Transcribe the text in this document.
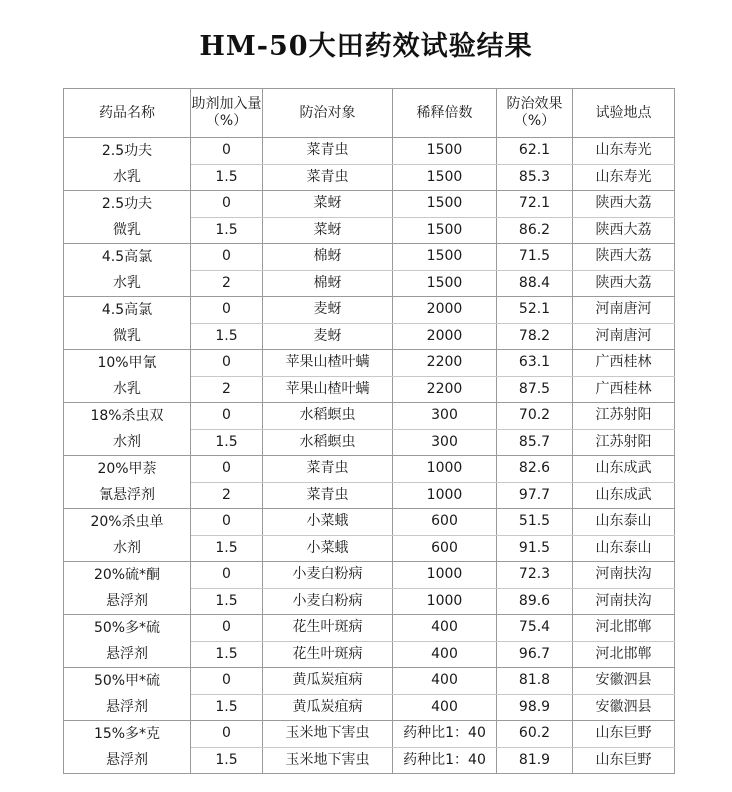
HM-50大田药效试验结果
药品名称	助剂加入量（%）	防治对象	稀释倍数	防治效果（%）	试验地点
2.5功夫	0	菜青虫	1500	62.1	山东寿光
水乳	1.5	菜青虫	1500	85.3	山东寿光
2.5功夫	0	菜蚜	1500	72.1	陕西大荔
微乳	1.5	菜蚜	1500	86.2	陕西大荔
4.5高氯	0	棉蚜	1500	71.5	陕西大荔
水乳	2	棉蚜	1500	88.4	陕西大荔
4.5高氯	0	麦蚜	2000	52.1	河南唐河
微乳	1.5	麦蚜	2000	78.2	河南唐河
10%甲氰	0	苹果山楂叶螨	2200	63.1	广西桂林
水乳	2	苹果山楂叶螨	2200	87.5	广西桂林
18%杀虫双	0	水稻螟虫	300	70.2	江苏射阳
水剂	1.5	水稻螟虫	300	85.7	江苏射阳
20%甲萘	0	菜青虫	1000	82.6	山东成武
氰悬浮剂	2	菜青虫	1000	97.7	山东成武
20%杀虫单	0	小菜蛾	600	51.5	山东泰山
水剂	1.5	小菜蛾	600	91.5	山东泰山
20%硫*酮	0	小麦白粉病	1000	72.3	河南扶沟
悬浮剂	1.5	小麦白粉病	1000	89.6	河南扶沟
50%多*硫	0	花生叶斑病	400	75.4	河北邯郸
悬浮剂	1.5	花生叶斑病	400	96.7	河北邯郸
50%甲*硫	0	黄瓜炭疽病	400	81.8	安徽泗县
悬浮剂	1.5	黄瓜炭疽病	400	98.9	安徽泗县
15%多*克	0	玉米地下害虫	药种比1：40	60.2	山东巨野
悬浮剂	1.5	玉米地下害虫	药种比1：40	81.9	山东巨野
